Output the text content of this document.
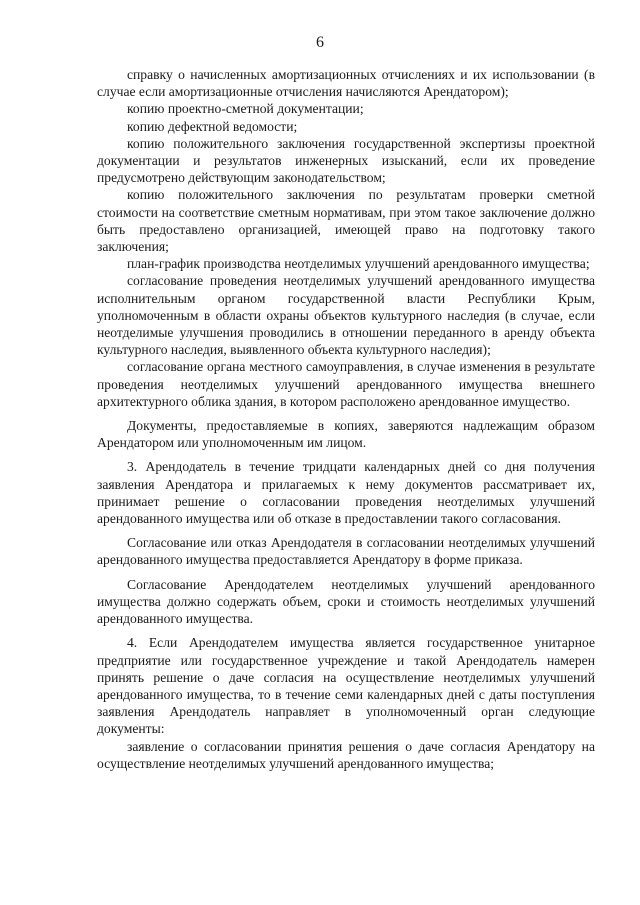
6

справку о начисленных амортизационных отчислениях и их использовании (в случае если амортизационные отчисления начисляются Арендатором);

копию проектно-сметной документации;

копию дефектной ведомости;

копию положительного заключения государственной экспертизы проектной документации и результатов инженерных изысканий, если их проведение предусмотрено действующим законодательством;

копию положительного заключения по результатам проверки сметной стоимости на соответствие сметным нормативам, при этом такое заключение должно быть предоставлено организацией, имеющей право на подготовку такого заключения;

план-график производства неотделимых улучшений арендованного имущества;

согласование проведения неотделимых улучшений арендованного имущества исполнительным органом государственной власти Республики Крым, уполномоченным в области охраны объектов культурного наследия (в случае, если неотделимые улучшения проводились в отношении переданного в аренду объекта культурного наследия, выявленного объекта культурного наследия);

согласование органа местного самоуправления, в случае изменения в результате проведения неотделимых улучшений арендованного имущества внешнего архитектурного облика здания, в котором расположено арендованное имущество.

Документы, предоставляемые в копиях, заверяются надлежащим образом Арендатором или уполномоченным им лицом.

3. Арендодатель в течение тридцати календарных дней со дня получения заявления Арендатора и прилагаемых к нему документов рассматривает их, принимает решение о согласовании проведения неотделимых улучшений арендованного имущества или об отказе в предоставлении такого согласования.

Согласование или отказ Арендодателя в согласовании неотделимых улучшений арендованного имущества предоставляется Арендатору в форме приказа.

Согласование Арендодателем неотделимых улучшений арендованного имущества должно содержать объем, сроки и стоимость неотделимых улучшений арендованного имущества.

4. Если Арендодателем имущества является государственное унитарное предприятие или государственное учреждение и такой Арендодатель намерен принять решение о даче согласия на осуществление неотделимых улучшений арендованного имущества, то в течение семи календарных дней с даты поступления заявления Арендодатель направляет в уполномоченный орган следующие документы:

заявление о согласовании принятия решения о даче согласия Арендатору на осуществление неотделимых улучшений арендованного имущества;
